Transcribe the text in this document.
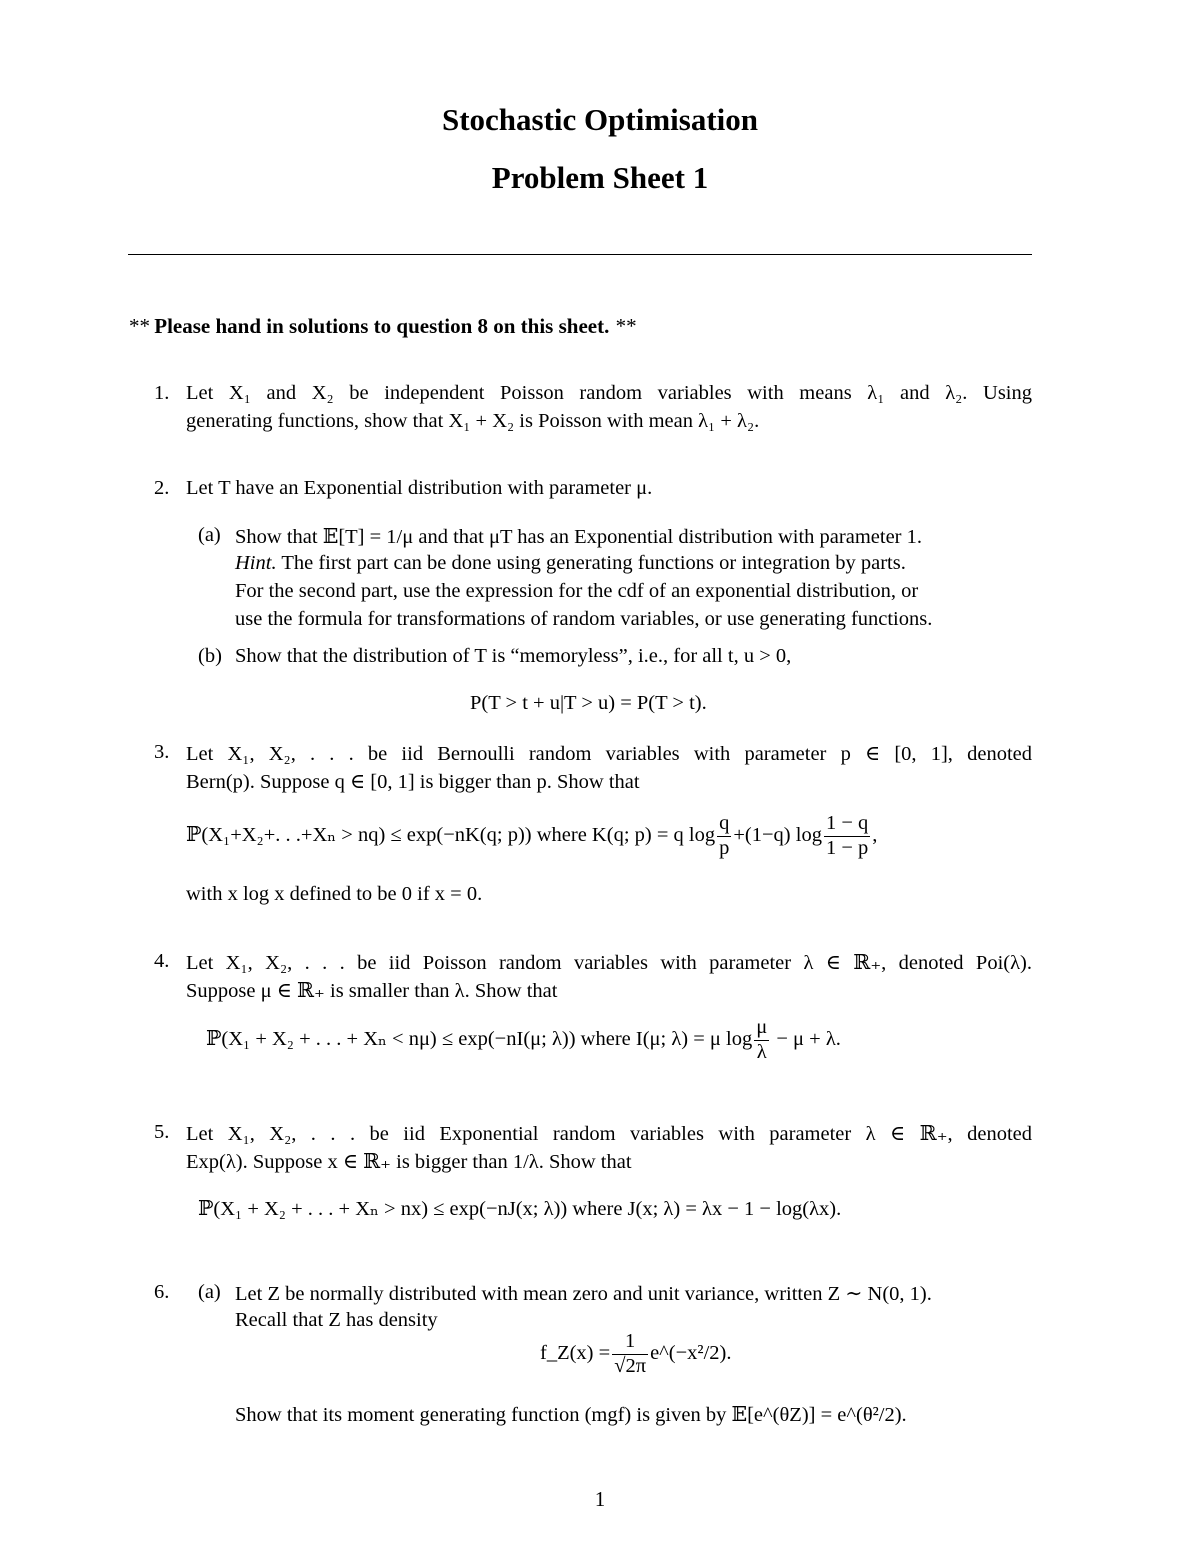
Stochastic Optimisation
Problem Sheet 1
** Please hand in solutions to question 8 on this sheet. **
1. Let X₁ and X₂ be independent Poisson random variables with means λ₁ and λ₂. Using
generating functions, show that X₁ + X₂ is Poisson with mean λ₁ + λ₂.
2. Let T have an Exponential distribution with parameter μ.
(a) Show that 𝔼[T] = 1/μ and that μT has an Exponential distribution with parameter 1.
Hint. The first part can be done using generating functions or integration by parts.
For the second part, use the expression for the cdf of an exponential distribution, or
use the formula for transformations of random variables, or use generating functions.
(b) Show that the distribution of T is “memoryless”, i.e., for all t, u > 0,
P(T > t + u|T > u) = P(T > t).
3. Let X₁, X₂, . . . be iid Bernoulli random variables with parameter p ∈ [0, 1], denoted
Bern(p). Suppose q ∈ [0, 1] is bigger than p. Show that
ℙ(X₁+X₂+. . .+Xₙ > nq) ≤ exp(−nK(q; p)) where K(q; p) = q $\log \frac{q}{p} +(1-q)$ $\log \frac{1 - q}{1 - p}$ ,
with x log x defined to be 0 if x = 0.
4. Let X₁, X₂, . . . be iid Poisson random variables with parameter λ ∈ ℝ₊, denoted Poi(λ).
Suppose μ ∈ ℝ₊ is smaller than λ. Show that
ℙ(X₁ + X₂ + . . . + Xₙ < nμ) ≤ exp(−nI(μ; λ)) where I(μ; λ) = μ $\log \frac{\mu}{\lambda} - \mu + \lambda$.
5. Let X₁, X₂, . . . be iid Exponential random variables with parameter λ ∈ ℝ₊, denoted
Exp(λ). Suppose x ∈ ℝ₊ is bigger than 1/λ. Show that
ℙ(X₁ + X₂ + . . . + Xₙ > nx) ≤ exp(−nJ(x; λ)) where J(x; λ) = λx − 1 − log(λx).
6. (a) Let Z be normally distributed with mean zero and unit variance, written Z ∼ N(0, 1).
Recall that Z has density
f_Z(x) = $\frac{1}{√2\pi}$ e^(−x²/2).
Show that its moment generating function (mgf) is given by 𝔼[e^(θZ)] = e^(θ²/2).
1
